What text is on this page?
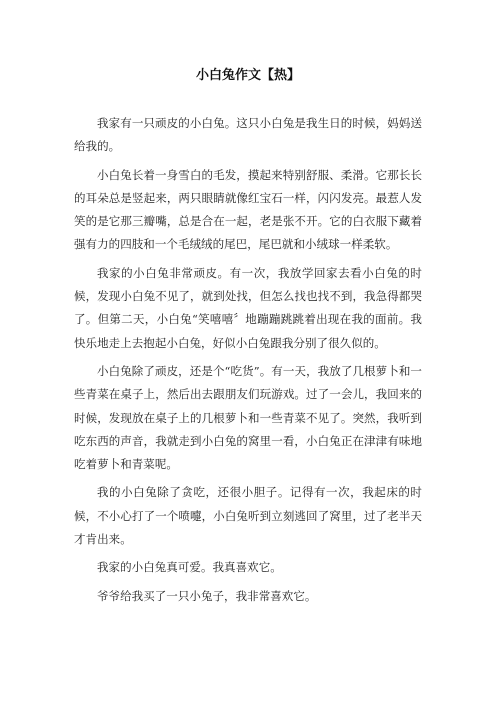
小白兔作文【热】

我家有一只顽皮的小白兔。这只小白兔是我生日的时候，妈妈送给我的。

小白兔长着一身雪白的毛发，摸起来特别舒服、柔滑。它那长长的耳朵总是竖起来，两只眼睛就像红宝石一样，闪闪发亮。最惹人发笑的是它那三瓣嘴，总是合在一起，老是张不开。它的白衣服下藏着强有力的四肢和一个毛绒绒的尾巴，尾巴就和小绒球一样柔软。

我家的小白兔非常顽皮。有一次，我放学回家去看小白兔的时候，发现小白兔不见了，就到处找，但怎么找也找不到，我急得都哭了。但第二天，小白兔“笑嘻嘻〞地蹦蹦跳跳着出现在我的面前。我快乐地走上去抱起小白兔，好似小白兔跟我分别了很久似的。

小白兔除了顽皮，还是个“吃货”。有一天，我放了几根萝卜和一些青菜在桌子上，然后出去跟朋友们玩游戏。过了一会儿，我回来的时候，发现放在桌子上的几根萝卜和一些青菜不见了。突然，我听到吃东西的声音，我就走到小白兔的窝里一看，小白兔正在津津有味地吃着萝卜和青菜呢。

我的小白兔除了贪吃，还很小胆子。记得有一次，我起床的时候，不小心打了一个喷嚏，小白兔听到立刻逃回了窝里，过了老半天才肯出来。

我家的小白兔真可爱。我真喜欢它。

爷爷给我买了一只小兔子，我非常喜欢它。
